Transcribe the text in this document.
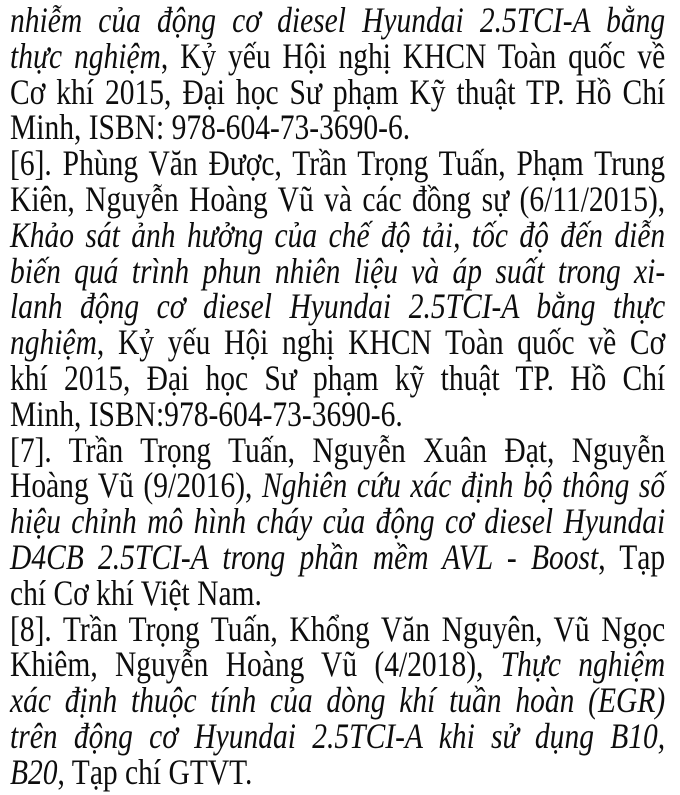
nhiễm của động cơ diesel Hyundai 2.5TCI-A bằng
thực nghiệm, Kỷ yếu Hội nghị KHCN Toàn quốc về
Cơ khí 2015, Đại học Sư phạm Kỹ thuật TP. Hồ Chí
Minh, ISBN: 978-604-73-3690-6.
[6]. Phùng Văn Được, Trần Trọng Tuấn, Phạm Trung
Kiên, Nguyễn Hoàng Vũ và các đồng sự (6/11/2015),
Khảo sát ảnh hưởng của chế độ tải, tốc độ đến diễn
biến quá trình phun nhiên liệu và áp suất trong xi-
lanh động cơ diesel Hyundai 2.5TCI-A bằng thực
nghiệm, Kỷ yếu Hội nghị KHCN Toàn quốc về Cơ
khí 2015, Đại học Sư phạm kỹ thuật TP. Hồ Chí
Minh, ISBN:978-604-73-3690-6.
[7]. Trần Trọng Tuấn, Nguyễn Xuân Đạt, Nguyễn
Hoàng Vũ (9/2016), Nghiên cứu xác định bộ thông số
hiệu chỉnh mô hình cháy của động cơ diesel Hyundai
D4CB 2.5TCI-A trong phần mềm AVL - Boost, Tạp
chí Cơ khí Việt Nam.
[8]. Trần Trọng Tuấn, Khổng Văn Nguyên, Vũ Ngọc
Khiêm, Nguyễn Hoàng Vũ (4/2018), Thực nghiệm
xác định thuộc tính của dòng khí tuần hoàn (EGR)
trên động cơ Hyundai 2.5TCI-A khi sử dụng B10,
B20, Tạp chí GTVT.
